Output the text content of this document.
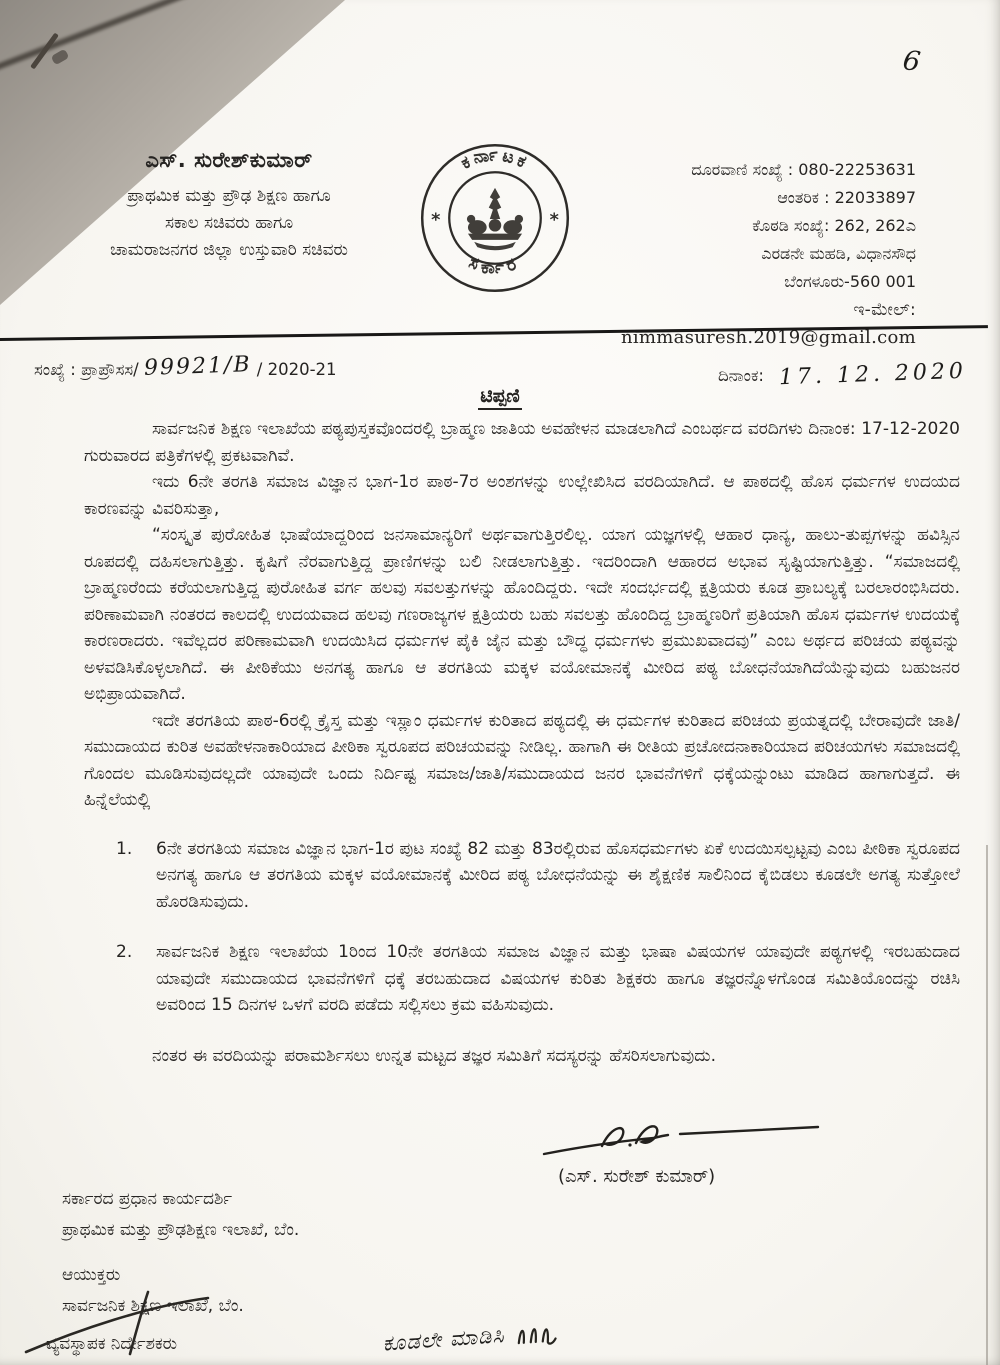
6
ಎಸ್. ಸುರೇಶ್‌ಕುಮಾರ್
ಪ್ರಾಥಮಿಕ ಮತ್ತು ಪ್ರೌಢ ಶಿಕ್ಷಣ ಹಾಗೂ
ಸಕಾಲ ಸಚಿವರು ಹಾಗೂ
ಚಾಮರಾಜನಗರ ಜಿಲ್ಲಾ ಉಸ್ತುವಾರಿ ಸಚಿವರು
ಕರ್ನಾಟಕ
ಸರ್ಕಾರ
*	*
ದೂರವಾಣಿ ಸಂಖ್ಯೆ : 080-22253631
ಆಂತರಿಕ : 22033897
ಕೊಠಡಿ ಸಂಖ್ಯೆ: 262, 262ಎ
ಎರಡನೇ ಮಹಡಿ, ವಿಧಾನಸೌಧ
ಬೆಂಗಳೂರು-560 001
ಇ-ಮೇಲ್: nimmasuresh.2019@gmail.com
ಸಂಖ್ಯೆ : ಪ್ರಾಪ್ರೌಸಸ/ 99921/B / 2020-21	ದಿನಾಂಕ: 17. 12. 2020
ಟಿಪ್ಪಣಿ

ಸಾರ್ವಜನಿಕ ಶಿಕ್ಷಣ ಇಲಾಖೆಯ ಪಠ್ಯಪುಸ್ತಕವೊಂದರಲ್ಲಿ ಬ್ರಾಹ್ಮಣ ಜಾತಿಯ ಅವಹೇಳನ ಮಾಡಲಾಗಿದೆ ಎಂಬರ್ಥದ ವರದಿಗಳು ದಿನಾಂಕ: 17-12-2020 ಗುರುವಾರದ ಪತ್ರಿಕೆಗಳಲ್ಲಿ ಪ್ರಕಟವಾಗಿವೆ.

ಇದು 6ನೇ ತರಗತಿ ಸಮಾಜ ವಿಜ್ಞಾನ ಭಾಗ-1ರ ಪಾಠ-7ರ ಅಂಶಗಳನ್ನು ಉಲ್ಲೇಖಿಸಿದ ವರದಿಯಾಗಿದೆ. ಆ ಪಾಠದಲ್ಲಿ ಹೊಸ ಧರ್ಮಗಳ ಉದಯದ ಕಾರಣವನ್ನು ವಿವರಿಸುತ್ತಾ,

“ಸಂಸ್ಕೃತ ಪುರೋಹಿತ ಭಾಷೆಯಾದ್ದರಿಂದ ಜನಸಾಮಾನ್ಯರಿಗೆ ಅರ್ಥವಾಗುತ್ತಿರಲಿಲ್ಲ. ಯಾಗ ಯಜ್ಞಗಳಲ್ಲಿ ಆಹಾರ ಧಾನ್ಯ, ಹಾಲು-ತುಪ್ಪಗಳನ್ನು ಹವಿಸ್ಸಿನ ರೂಪದಲ್ಲಿ ದಹಿಸಲಾಗುತ್ತಿತ್ತು. ಕೃಷಿಗೆ ನೆರವಾಗುತ್ತಿದ್ದ ಪ್ರಾಣಿಗಳನ್ನು ಬಲಿ ನೀಡಲಾಗುತ್ತಿತ್ತು. ಇದರಿಂದಾಗಿ ಆಹಾರದ ಅಭಾವ ಸೃಷ್ಟಿಯಾಗುತ್ತಿತ್ತು. “ಸಮಾಜದಲ್ಲಿ ಬ್ರಾಹ್ಮಣರೆಂದು ಕರೆಯಲಾಗುತ್ತಿದ್ದ ಪುರೋಹಿತ ವರ್ಗ ಹಲವು ಸವಲತ್ತುಗಳನ್ನು ಹೊಂದಿದ್ದರು. ಇದೇ ಸಂದರ್ಭದಲ್ಲಿ ಕ್ಷತ್ರಿಯರು ಕೂಡ ಪ್ರಾಬಲ್ಯಕ್ಕೆ ಬರಲಾರಂಭಿಸಿದರು. ಪರಿಣಾಮವಾಗಿ ನಂತರದ ಕಾಲದಲ್ಲಿ ಉದಯವಾದ ಹಲವು ಗಣರಾಜ್ಯಗಳ ಕ್ಷತ್ರಿಯರು ಬಹು ಸವಲತ್ತು ಹೊಂದಿದ್ದ ಬ್ರಾಹ್ಮಣರಿಗೆ ಪ್ರತಿಯಾಗಿ ಹೊಸ ಧರ್ಮಗಳ ಉದಯಕ್ಕೆ ಕಾರಣರಾದರು. ಇವೆಲ್ಲದರ ಪರಿಣಾಮವಾಗಿ ಉದಯಿಸಿದ ಧರ್ಮಗಳ ಪೈಕಿ ಜೈನ ಮತ್ತು ಬೌದ್ಧ ಧರ್ಮಗಳು ಪ್ರಮುಖವಾದವು” ಎಂಬ ಅರ್ಥದ ಪರಿಚಯ ಪಠ್ಯವನ್ನು ಅಳವಡಿಸಿಕೊಳ್ಳಲಾಗಿದೆ. ಈ ಪೀಠಿಕೆಯು ಅನಗತ್ಯ ಹಾಗೂ ಆ ತರಗತಿಯ ಮಕ್ಕಳ ವಯೋಮಾನಕ್ಕೆ ಮೀರಿದ ಪಠ್ಯ ಬೋಧನೆಯಾಗಿದೆಯೆನ್ನುವುದು ಬಹುಜನರ ಅಭಿಪ್ರಾಯವಾಗಿದೆ.

ಇದೇ ತರಗತಿಯ ಪಾಠ-6ರಲ್ಲಿ ಕ್ರೈಸ್ತ ಮತ್ತು ಇಸ್ಲಾಂ ಧರ್ಮಗಳ ಕುರಿತಾದ ಪಠ್ಯದಲ್ಲಿ ಈ ಧರ್ಮಗಳ ಕುರಿತಾದ ಪರಿಚಯ ಪ್ರಯತ್ನದಲ್ಲಿ ಬೇರಾವುದೇ ಜಾತಿ/ಸಮುದಾಯದ ಕುರಿತ ಅವಹೇಳನಾಕಾರಿಯಾದ ಪೀಠಿಕಾ ಸ್ವರೂಪದ ಪರಿಚಯವನ್ನು ನೀಡಿಲ್ಲ. ಹಾಗಾಗಿ ಈ ರೀತಿಯ ಪ್ರಚೋದನಾಕಾರಿಯಾದ ಪರಿಚಯಗಳು ಸಮಾಜದಲ್ಲಿ ಗೊಂದಲ ಮೂಡಿಸುವುದಲ್ಲದೇ ಯಾವುದೇ ಒಂದು ನಿರ್ದಿಷ್ಟ ಸಮಾಜ/ಜಾತಿ/ಸಮುದಾಯದ ಜನರ ಭಾವನೆಗಳಿಗೆ ಧಕ್ಕೆಯನ್ನುಂಟು ಮಾಡಿದ ಹಾಗಾಗುತ್ತದೆ. ಈ ಹಿನ್ನೆಲೆಯಲ್ಲಿ

1. 6ನೇ ತರಗತಿಯ ಸಮಾಜ ವಿಜ್ಞಾನ ಭಾಗ-1ರ ಪುಟ ಸಂಖ್ಯೆ 82 ಮತ್ತು 83ರಲ್ಲಿರುವ ಹೊಸಧರ್ಮಗಳು ಏಕೆ ಉದಯಿಸಲ್ಪಟ್ಟವು ಎಂಬ ಪೀಠಿಕಾ ಸ್ವರೂಪದ ಅನಗತ್ಯ ಹಾಗೂ ಆ ತರಗತಿಯ ಮಕ್ಕಳ ವಯೋಮಾನಕ್ಕೆ ಮೀರಿದ ಪಠ್ಯ ಬೋಧನೆಯನ್ನು ಈ ಶೈಕ್ಷಣಿಕ ಸಾಲಿನಿಂದ ಕೈಬಿಡಲು ಕೂಡಲೇ ಅಗತ್ಯ ಸುತ್ತೋಲೆ ಹೊರಡಿಸುವುದು.
2. ಸಾರ್ವಜನಿಕ ಶಿಕ್ಷಣ ಇಲಾಖೆಯ 1ರಿಂದ 10ನೇ ತರಗತಿಯ ಸಮಾಜ ವಿಜ್ಞಾನ ಮತ್ತು ಭಾಷಾ ವಿಷಯಗಳ ಯಾವುದೇ ಪಠ್ಯಗಳಲ್ಲಿ ಇರಬಹುದಾದ ಯಾವುದೇ ಸಮುದಾಯದ ಭಾವನೆಗಳಿಗೆ ಧಕ್ಕೆ ತರಬಹುದಾದ ವಿಷಯಗಳ ಕುರಿತು ಶಿಕ್ಷಕರು ಹಾಗೂ ತಜ್ಞರನ್ನೊಳಗೊಂಡ ಸಮಿತಿಯೊಂದನ್ನು ರಚಿಸಿ ಅವರಿಂದ 15 ದಿನಗಳ ಒಳಗೆ ವರದಿ ಪಡೆದು ಸಲ್ಲಿಸಲು ಕ್ರಮ ವಹಿಸುವುದು.

ನಂತರ ಈ ವರದಿಯನ್ನು ಪರಾಮರ್ಶಿಸಲು ಉನ್ನತ ಮಟ್ಟದ ತಜ್ಞರ ಸಮಿತಿಗೆ ಸದಸ್ಯರನ್ನು ಹೆಸರಿಸಲಾಗುವುದು.

(ಎಸ್. ಸುರೇಶ್ ಕುಮಾರ್)
ಸರ್ಕಾರದ ಪ್ರಧಾನ ಕಾರ್ಯದರ್ಶಿ
ಪ್ರಾಥಮಿಕ ಮತ್ತು ಪ್ರೌಢಶಿಕ್ಷಣ ಇಲಾಖೆ, ಬೆಂ.
ಆಯುಕ್ತರು
ಸಾರ್ವಜನಿಕ ಶಿಕ್ಷಣ ಇಲಾಖೆ, ಬೆಂ.
ವ್ಯವಸ್ಥಾಪಕ ನಿರ್ದೇಶಕರು	ಕೂಡಲೇ ಮಾಡಿಸಿ
